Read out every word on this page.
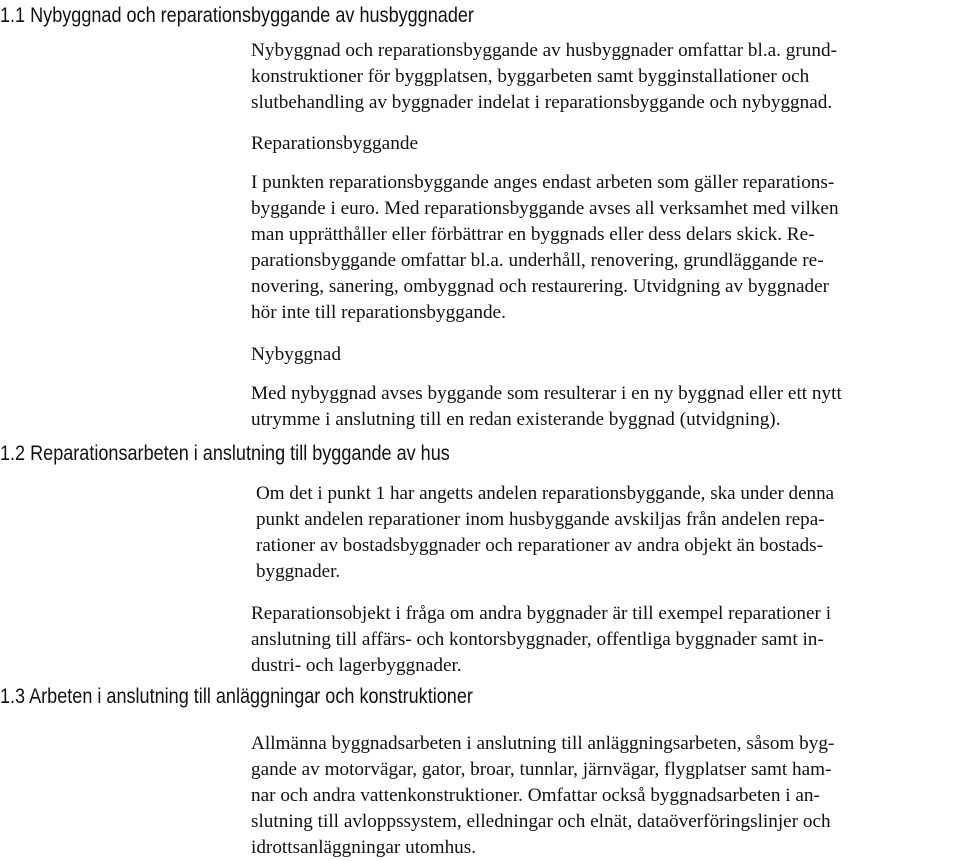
1.1 Nybyggnad och reparationsbyggande av husbyggnader

Nybyggnad och reparationsbyggande av husbyggnader omfattar bl.a. grund-
konstruktioner för byggplatsen, byggarbeten samt bygginstallationer och
slutbehandling av byggnader indelat i reparationsbyggande och nybyggnad.

Reparationsbyggande

I punkten reparationsbyggande anges endast arbeten som gäller reparations-
byggande i euro. Med reparationsbyggande avses all verksamhet med vilken
man upprätthåller eller förbättrar en byggnads eller dess delars skick. Re-
parationsbyggande omfattar bl.a. underhåll, renovering, grundläggande re-
novering, sanering, ombyggnad och restaurering. Utvidgning av byggnader
hör inte till reparationsbyggande.

Nybyggnad

Med nybyggnad avses byggande som resulterar i en ny byggnad eller ett nytt
utrymme i anslutning till en redan existerande byggnad (utvidgning).

1.2 Reparationsarbeten i anslutning till byggande av hus

Om det i punkt 1 har angetts andelen reparationsbyggande, ska under denna
punkt andelen reparationer inom husbyggande avskiljas från andelen repa-
rationer av bostadsbyggnader och reparationer av andra objekt än bostads-
byggnader.

Reparationsobjekt i fråga om andra byggnader är till exempel reparationer i
anslutning till affärs- och kontorsbyggnader, offentliga byggnader samt in-
dustri- och lagerbyggnader.

1.3 Arbeten i anslutning till anläggningar och konstruktioner

Allmänna byggnadsarbeten i anslutning till anläggningsarbeten, såsom byg-
gande av motorvägar, gator, broar, tunnlar, järnvägar, flygplatser samt ham-
nar och andra vattenkonstruktioner. Omfattar också byggnadsarbeten i an-
slutning till avloppssystem, elledningar och elnät, dataöverföringslinjer och
idrottsanläggningar utomhus.
